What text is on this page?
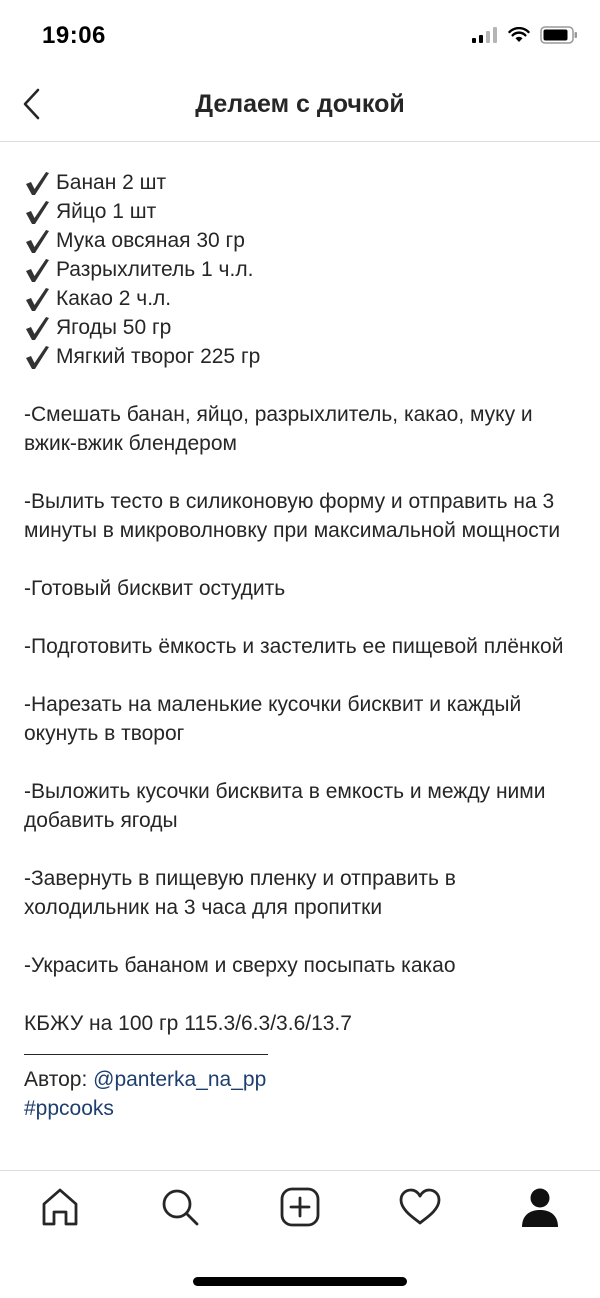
19:06
Делаем с дочкой
Банан 2 шт
Яйцо 1 шт
Мука овсяная 30 гр
Разрыхлитель 1 ч.л.
Какао 2 ч.л.
Ягоды 50 гр
Мягкий творог 225 гр

-Смешать банан, яйцо, разрыхлитель, какао, муку и вжик-вжик блендером

-Вылить тесто в силиконовую форму и отправить на 3 минуты в микроволновку при максимальной мощности

-Готовый бисквит остудить

-Подготовить ёмкость и застелить ее пищевой плёнкой

-Нарезать на маленькие кусочки бисквит и каждый окунуть в творог

-Выложить кусочки бисквита в емкость и между ними добавить ягоды

-Завернуть в пищевую пленку и отправить в холодильник на 3 часа для пропитки

-Украсить бананом и сверху посыпать какао

КБЖУ на 100 гр 115.3/6.3/3.6/13.7

Автор: @panterka_na_pp

#ppcooks
